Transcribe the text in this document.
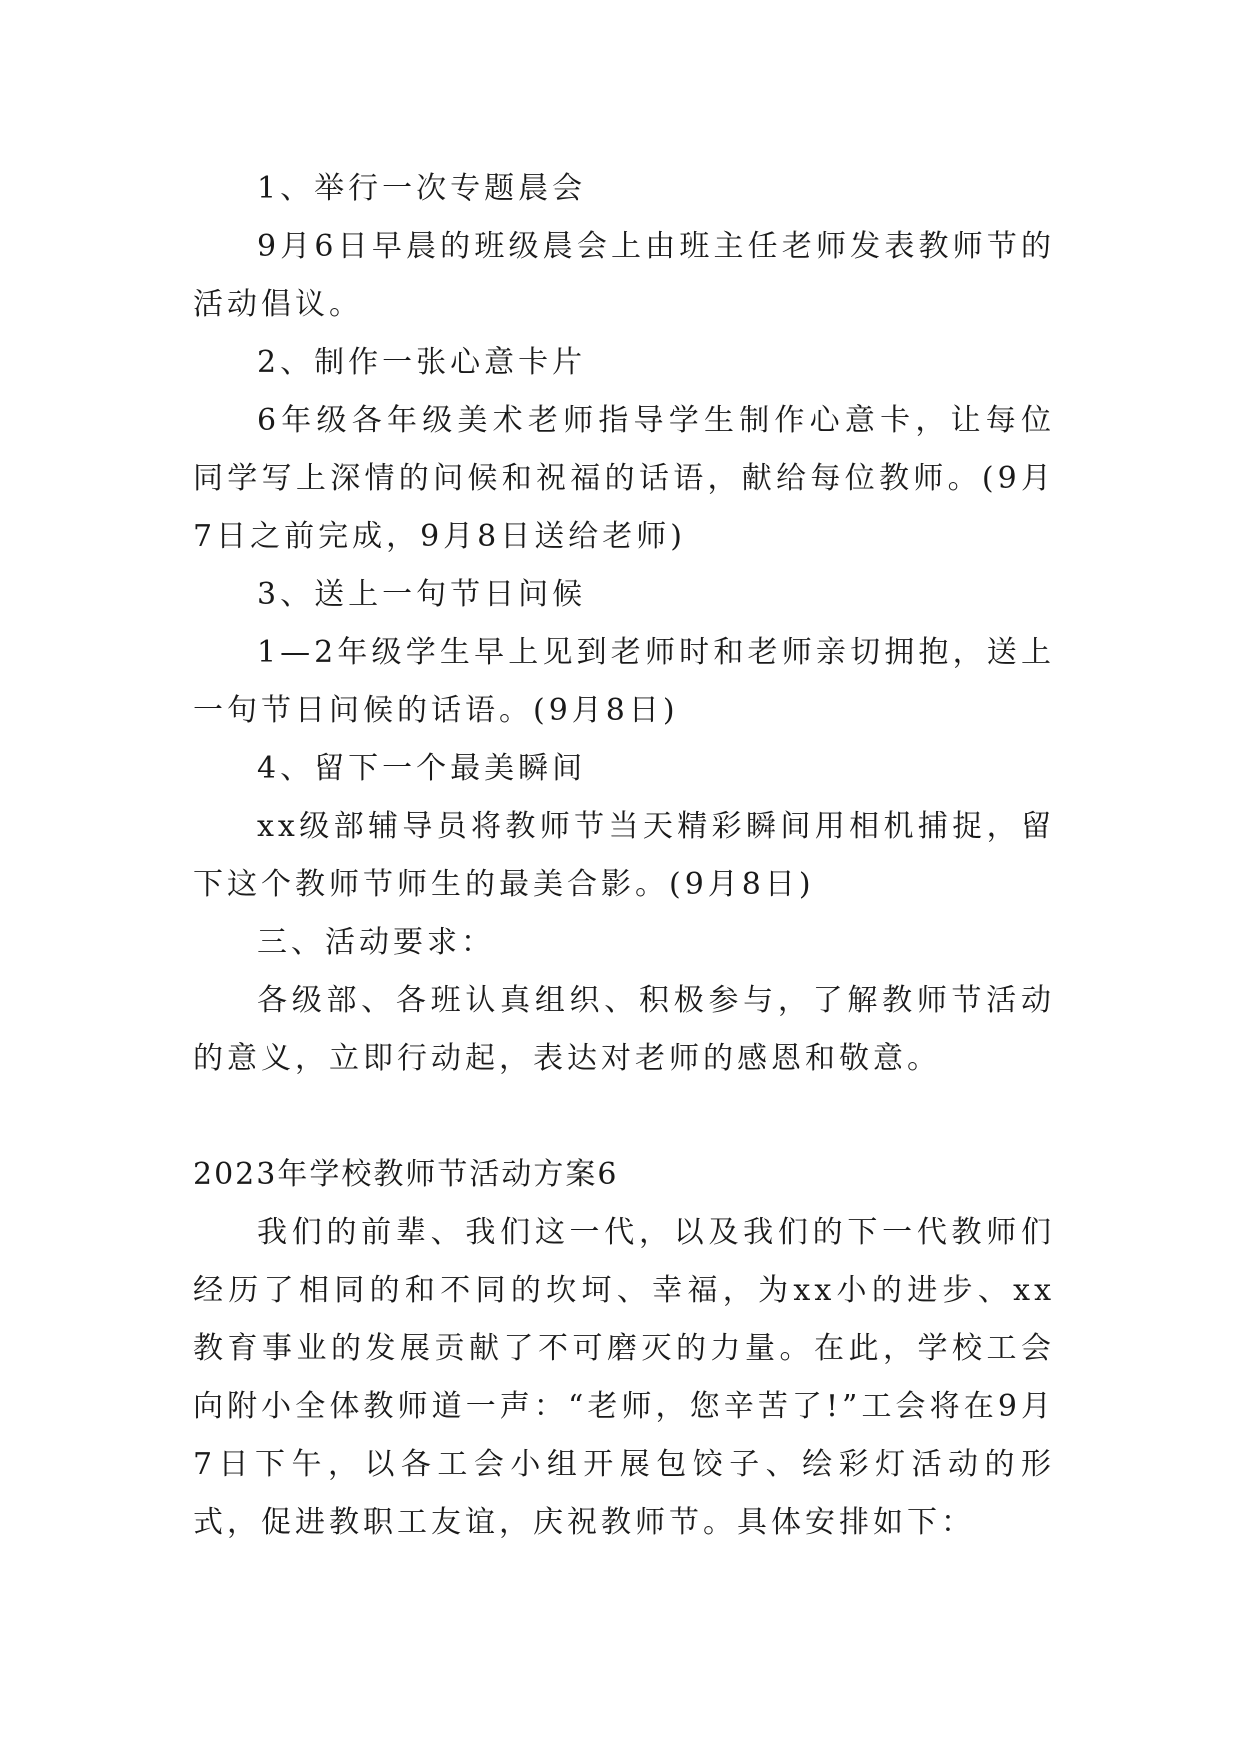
1、举行一次专题晨会

9月6日早晨的班级晨会上由班主任老师发表教师节的活动倡议。

2、制作一张心意卡片

6年级各年级美术老师指导学生制作心意卡，让每位同学写上深情的问候和祝福的话语，献给每位教师。(9月7日之前完成，9月8日送给老师)

3、送上一句节日问候

1—2年级学生早上见到老师时和老师亲切拥抱，送上一句节日问候的话语。(9月8日)

4、留下一个最美瞬间

xx级部辅导员将教师节当天精彩瞬间用相机捕捉，留下这个教师节师生的最美合影。(9月8日)

三、活动要求：

各级部、各班认真组织、积极参与，了解教师节活动的意义，立即行动起，表达对老师的感恩和敬意。

2023年学校教师节活动方案6

我们的前辈、我们这一代，以及我们的下一代教师们经历了相同的和不同的坎坷、幸福，为xx小的进步、xx教育事业的发展贡献了不可磨灭的力量。在此，学校工会向附小全体教师道一声：“老师，您辛苦了!”工会将在9月7日下午，以各工会小组开展包饺子、绘彩灯活动的形式，促进教职工友谊，庆祝教师节。具体安排如下：
